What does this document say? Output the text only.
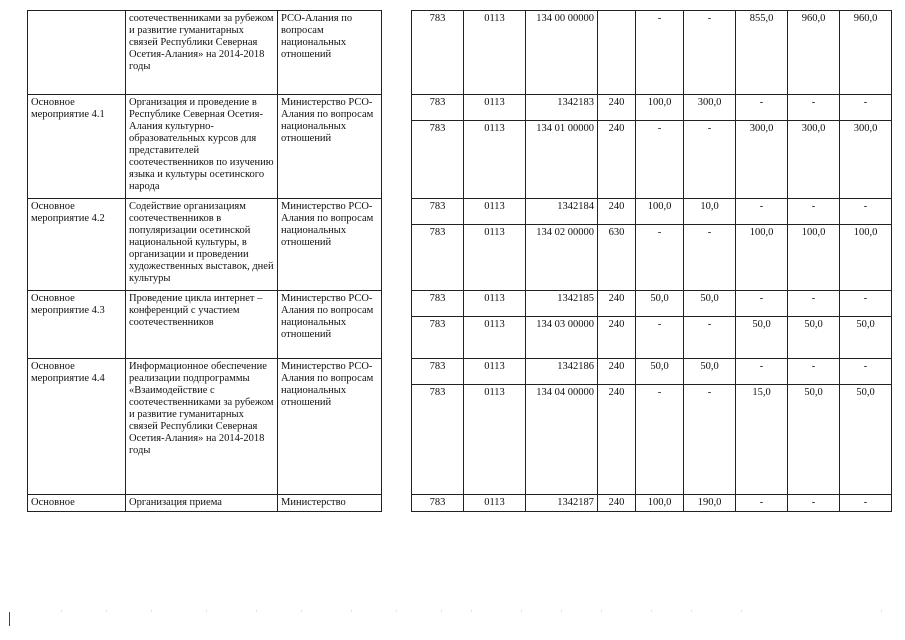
	соотечественниками за рубежом и развитие гуманитарных связей Республики Северная Осетия-Алания» на 2014-2018 годы	РСО-Алания по вопросам национальных отношений		783	0113	134 00 00000		-	-	855,0	960,0	960,0
Основное мероприятие 4.1	Организация и проведение в Республике Северная Осетия-Алания культурно-образовательных курсов для представителей соотечественников по изучению языка и культуры осетинского народа	Министерство РСО-Алания по вопросам национальных отношений		783	0113	1342183	240	100,0	300,0	-	-	-
				783	0113	134 01 00000	240	-	-	300,0	300,0	300,0
Основное мероприятие 4.2	Содействие организациям соотечественников в популяризации осетинской национальной культуры, в организации и проведении художественных выставок, дней культуры	Министерство РСО-Алания по вопросам национальных отношений		783	0113	1342184	240	100,0	10,0	-	-	-
				783	0113	134 02 00000	630	-	-	100,0	100,0	100,0
Основное мероприятие 4.3	Проведение цикла интернет – конференций с участием соотечественников	Министерство РСО-Алания по вопросам национальных отношений		783	0113	1342185	240	50,0	50,0	-	-	-
				783	0113	134 03 00000	240	-	-	50,0	50,0	50,0
Основное мероприятие 4.4	Информационное обеспечение реализации подпрограммы «Взаимодействие с соотечественниками за рубежом и развитие гуманитарных связей Республики Северная Осетия-Алания» на 2014-2018 годы	Министерство РСО-Алания по вопросам национальных отношений		783	0113	1342186	240	50,0	50,0	-	-	-
				783	0113	134 04 00000	240	-	-	15,0	50,0	50,0
Основное	Организация приема	Министерство		783	0113	1342187	240	100,0	190,0	-	-	-
·	·	·	·	·	·	·	·	·	·	·	·	·	·	·	·	·
